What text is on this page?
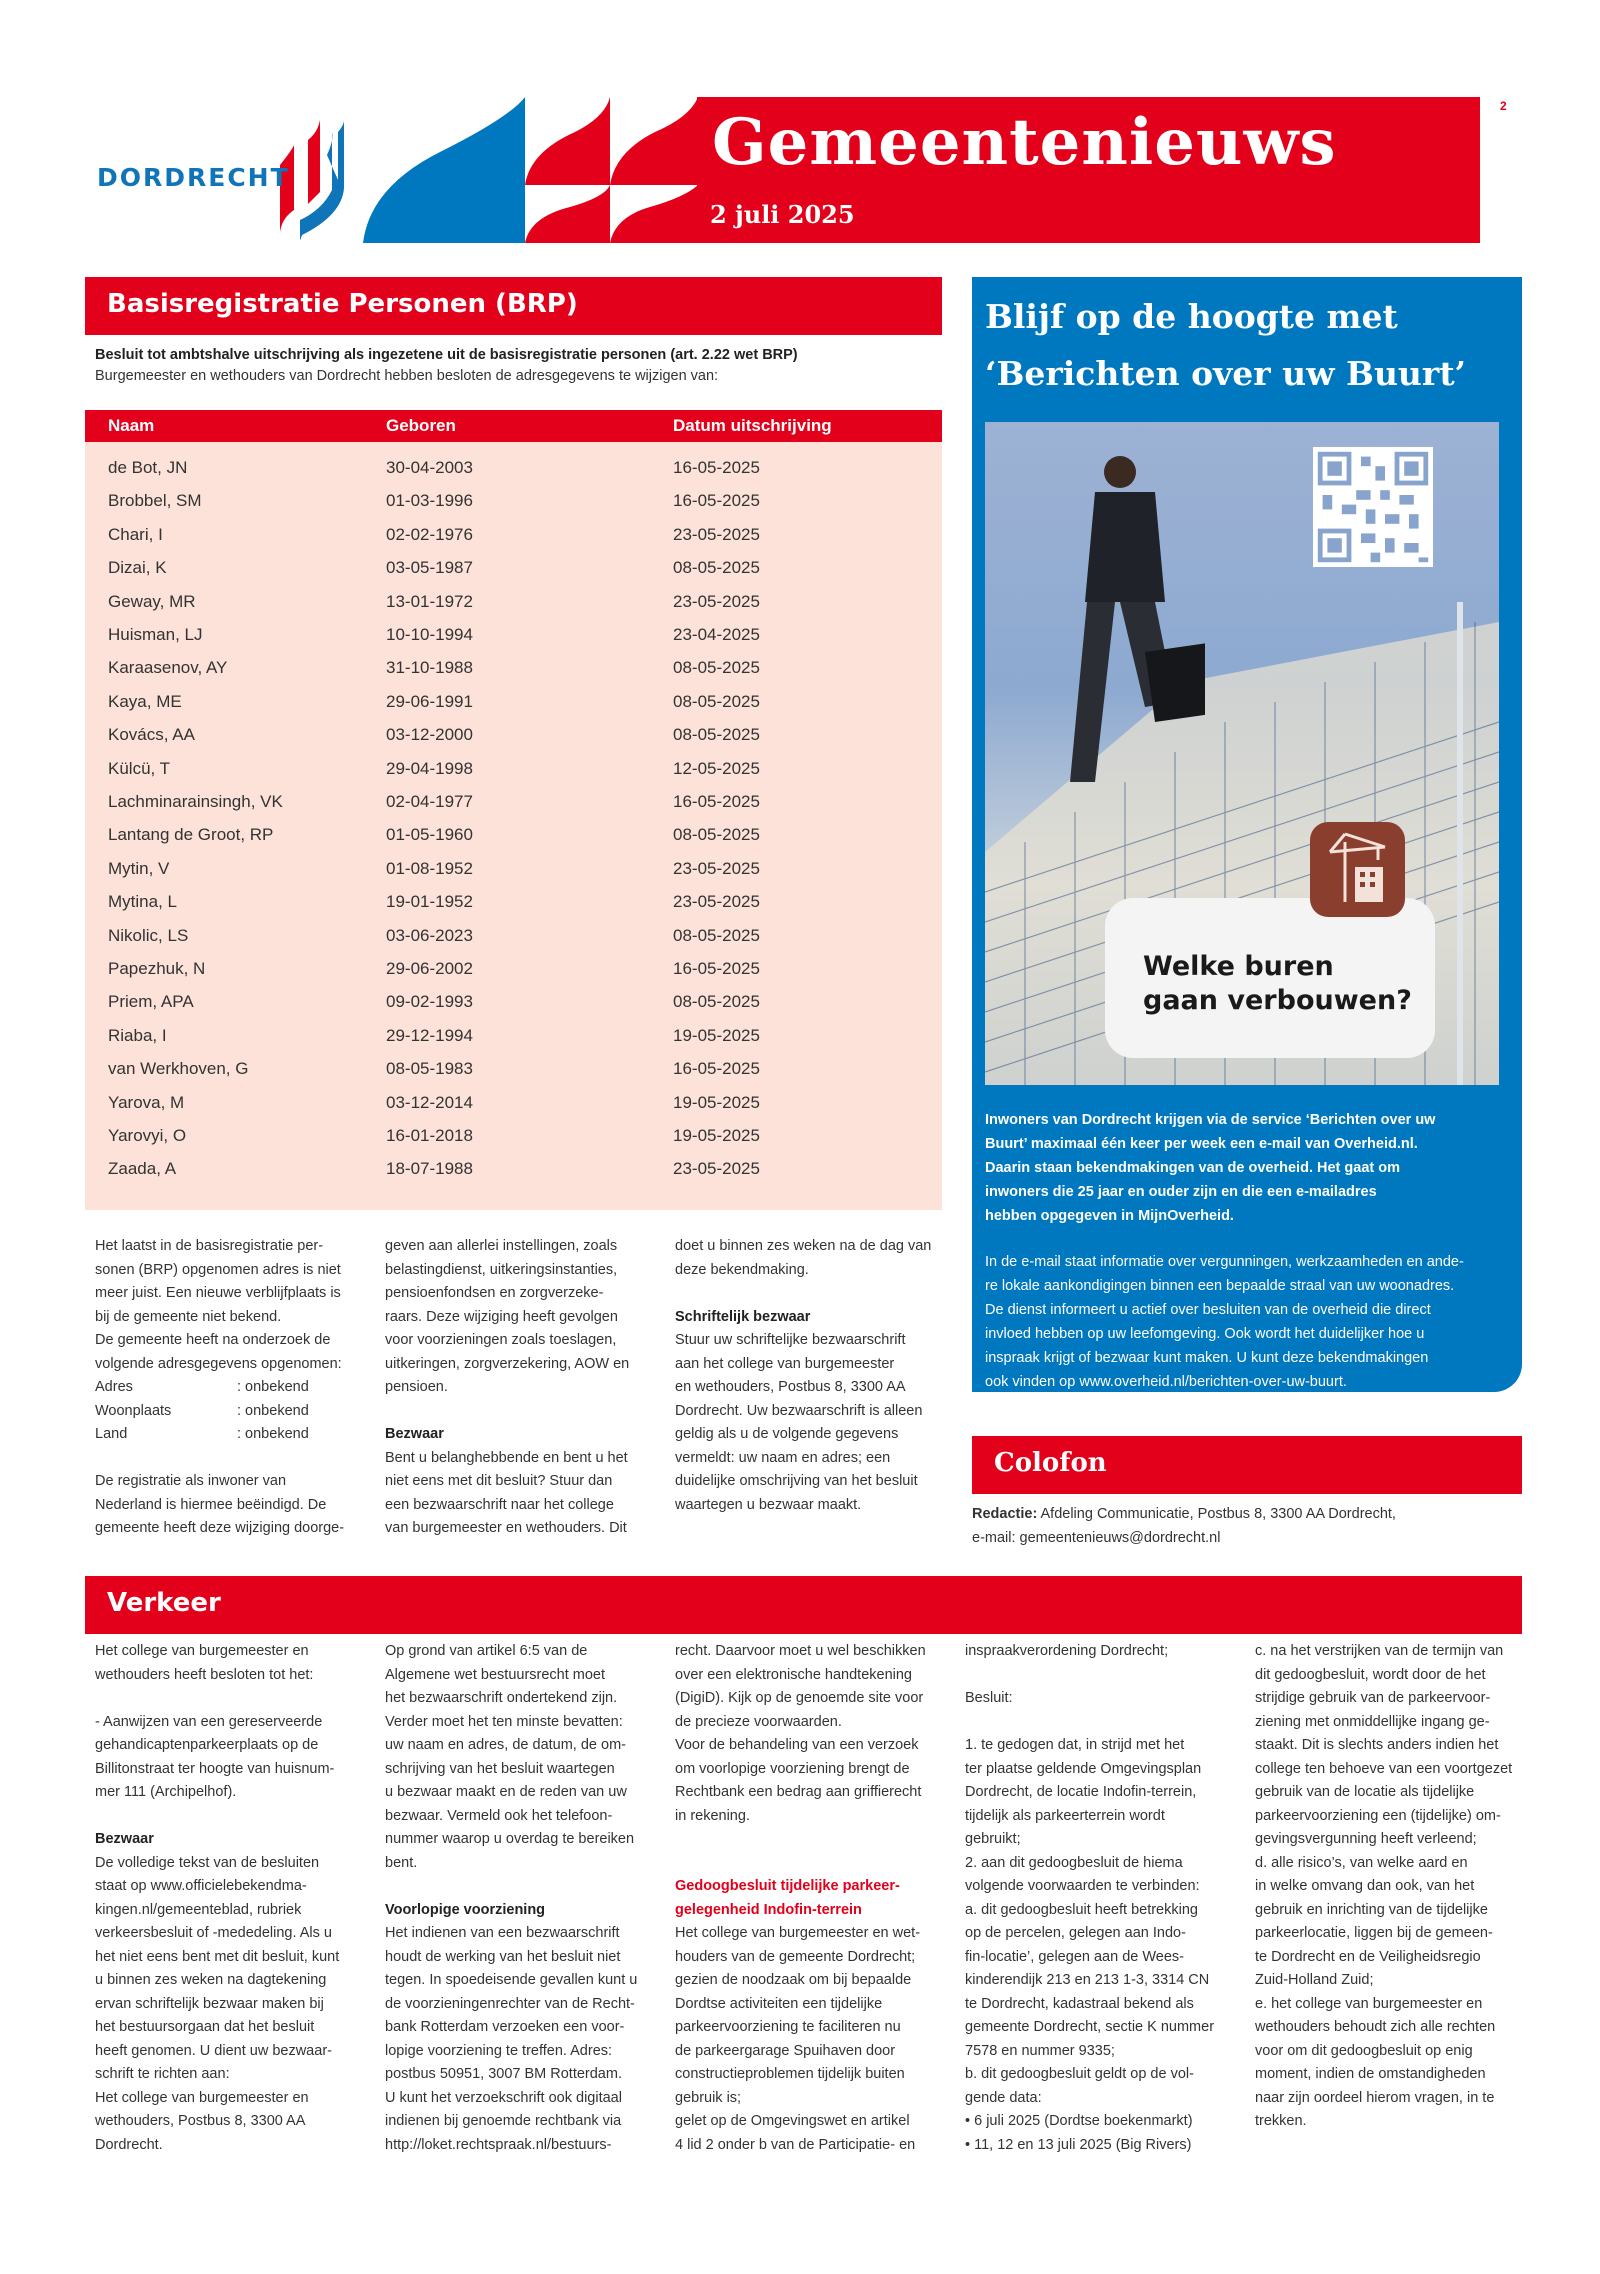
DORDRECHT	Gemeentenieuws
2 juli 2025
2
Basisregistratie Personen (BRP)
Besluit tot ambtshalve uitschrijving als ingezetene uit de basisregistratie personen (art. 2.22 wet BRP)
Burgemeester en wethouders van Dordrecht hebben besloten de adresgegevens te wijzigen van:
Naam	Geboren	Datum uitschrijving
de Bot, JN	30-04-2003	16-05-2025
Brobbel, SM	01-03-1996	16-05-2025
Chari, I	02-02-1976	23-05-2025
Dizai, K	03-05-1987	08-05-2025
Geway, MR	13-01-1972	23-05-2025
Huisman, LJ	10-10-1994	23-04-2025
Karaasenov, AY	31-10-1988	08-05-2025
Kaya, ME	29-06-1991	08-05-2025
Kovács, AA	03-12-2000	08-05-2025
Külcü, T	29-04-1998	12-05-2025
Lachminarainsingh, VK	02-04-1977	16-05-2025
Lantang de Groot, RP	01-05-1960	08-05-2025
Mytin, V	01-08-1952	23-05-2025
Mytina, L	19-01-1952	23-05-2025
Nikolic, LS	03-06-2023	08-05-2025
Papezhuk, N	29-06-2002	16-05-2025
Priem, APA	09-02-1993	08-05-2025
Riaba, I	29-12-1994	19-05-2025
van Werkhoven, G	08-05-1983	16-05-2025
Yarova, M	03-12-2014	19-05-2025
Yarovyi, O	16-01-2018	19-05-2025
Zaada, A	18-07-1988	23-05-2025
Het laatst in de basisregistratie per-
sonen (BRP) opgenomen adres is niet
meer juist. Een nieuwe verblijfplaats is
bij de gemeente niet bekend.
De gemeente heeft na onderzoek de
volgende adresgegevens opgenomen:
Adres	: onbekend
Woonplaats	: onbekend
Land	: onbekend
De registratie als inwoner van
Nederland is hiermee beëindigd. De
gemeente heeft deze wijziging doorge-
geven aan allerlei instellingen, zoals
belastingdienst, uitkeringsinstanties,
pensioenfondsen en zorgverzeke-
raars. Deze wijziging heeft gevolgen
voor voorzieningen zoals toeslagen,
uitkeringen, zorgverzekering, AOW en
pensioen.
Bezwaar
Bent u belanghebbende en bent u het
niet eens met dit besluit? Stuur dan
een bezwaarschrift naar het college
van burgemeester en wethouders. Dit
doet u binnen zes weken na de dag van
deze bekendmaking.
Schriftelijk bezwaar
Stuur uw schriftelijke bezwaarschrift
aan het college van burgemeester
en wethouders, Postbus 8, 3300 AA
Dordrecht. Uw bezwaarschrift is alleen
geldig als u de volgende gegevens
vermeldt: uw naam en adres; een
duidelijke omschrijving van het besluit
waartegen u bezwaar maakt.
Blijf op de hoogte met
‘Berichten over uw Buurt’
Welke buren
gaan verbouwen?
Inwoners van Dordrecht krijgen via de service ‘Berichten over uw
Buurt’ maximaal één keer per week een e-mail van Overheid.nl.
Daarin staan bekendmakingen van de overheid. Het gaat om
inwoners die 25 jaar en ouder zijn en die een e-mailadres
hebben opgegeven in MijnOverheid.
In de e-mail staat informatie over vergunningen, werkzaamheden en ande-
re lokale aankondigingen binnen een bepaalde straal van uw woonadres.
De dienst informeert u actief over besluiten van de overheid die direct
invloed hebben op uw leefomgeving. Ook wordt het duidelijker hoe u
inspraak krijgt of bezwaar kunt maken. U kunt deze bekendmakingen
ook vinden op www.overheid.nl/berichten-over-uw-buurt.
Colofon
Redactie: Afdeling Communicatie, Postbus 8, 3300 AA Dordrecht,
e-mail: gemeentenieuws@dordrecht.nl
Verkeer
Het college van burgemeester en
wethouders heeft besloten tot het:
- Aanwijzen van een gereserveerde
gehandicaptenparkeerplaats op de
Billitonstraat ter hoogte van huisnum-
mer 111 (Archipelhof).
Bezwaar
De volledige tekst van de besluiten
staat op www.officielebekendma-
kingen.nl/gemeenteblad, rubriek
verkeersbesluit of -mededeling. Als u
het niet eens bent met dit besluit, kunt
u binnen zes weken na dagtekening
ervan schriftelijk bezwaar maken bij
het bestuursorgaan dat het besluit
heeft genomen. U dient uw bezwaar-
schrift te richten aan:
Het college van burgemeester en
wethouders, Postbus 8, 3300 AA
Dordrecht.
Op grond van artikel 6:5 van de
Algemene wet bestuursrecht moet
het bezwaarschrift ondertekend zijn.
Verder moet het ten minste bevatten:
uw naam en adres, de datum, de om-
schrijving van het besluit waartegen
u bezwaar maakt en de reden van uw
bezwaar. Vermeld ook het telefoon-
nummer waarop u overdag te bereiken
bent.
Voorlopige voorziening
Het indienen van een bezwaarschrift
houdt de werking van het besluit niet
tegen. In spoedeisende gevallen kunt u
de voorzieningenrechter van de Recht-
bank Rotterdam verzoeken een voor-
lopige voorziening te treffen. Adres:
postbus 50951, 3007 BM Rotterdam.
U kunt het verzoekschrift ook digitaal
indienen bij genoemde rechtbank via
http://loket.rechtspraak.nl/bestuurs-
recht. Daarvoor moet u wel beschikken
over een elektronische handtekening
(DigiD). Kijk op de genoemde site voor
de precieze voorwaarden.
Voor de behandeling van een verzoek
om voorlopige voorziening brengt de
Rechtbank een bedrag aan griffierecht
in rekening.
Gedoogbesluit tijdelijke parkeer-
gelegenheid Indofin-terrein
Het college van burgemeester en wet-
houders van de gemeente Dordrecht;
gezien de noodzaak om bij bepaalde
Dordtse activiteiten een tijdelijke
parkeervoorziening te faciliteren nu
de parkeergarage Spuihaven door
constructieproblemen tijdelijk buiten
gebruik is;
gelet op de Omgevingswet en artikel
4 lid 2 onder b van de Participatie- en
inspraakverordening Dordrecht;
Besluit:
1. te gedogen dat, in strijd met het
ter plaatse geldende Omgevingsplan
Dordrecht, de locatie Indofin-terrein,
tijdelijk als parkeerterrein wordt
gebruikt;
2. aan dit gedoogbesluit de hiema
volgende voorwaarden te verbinden:
a. dit gedoogbesluit heeft betrekking
op de percelen, gelegen aan Indo-
fin-locatie’, gelegen aan de Wees-
kinderendijk 213 en 213 1-3, 3314 CN
te Dordrecht, kadastraal bekend als
gemeente Dordrecht, sectie K nummer
7578 en nummer 9335;
b. dit gedoogbesluit geldt op de vol-
gende data:
• 6 juli 2025 (Dordtse boekenmarkt)
• 11, 12 en 13 juli 2025 (Big Rivers)
c. na het verstrijken van de termijn van
dit gedoogbesluit, wordt door de het
strijdige gebruik van de parkeervoor-
ziening met onmiddellijke ingang ge-
staakt. Dit is slechts anders indien het
college ten behoeve van een voortgezet
gebruik van de locatie als tijdelijke
parkeervoorziening een (tijdelijke) om-
gevingsvergunning heeft verleend;
d. alle risico’s, van welke aard en
in welke omvang dan ook, van het
gebruik en inrichting van de tijdelijke
parkeerlocatie, liggen bij de gemeen-
te Dordrecht en de Veiligheidsregio
Zuid-Holland Zuid;
e. het college van burgemeester en
wethouders behoudt zich alle rechten
voor om dit gedoogbesluit op enig
moment, indien de omstandigheden
naar zijn oordeel hierom vragen, in te
trekken.
